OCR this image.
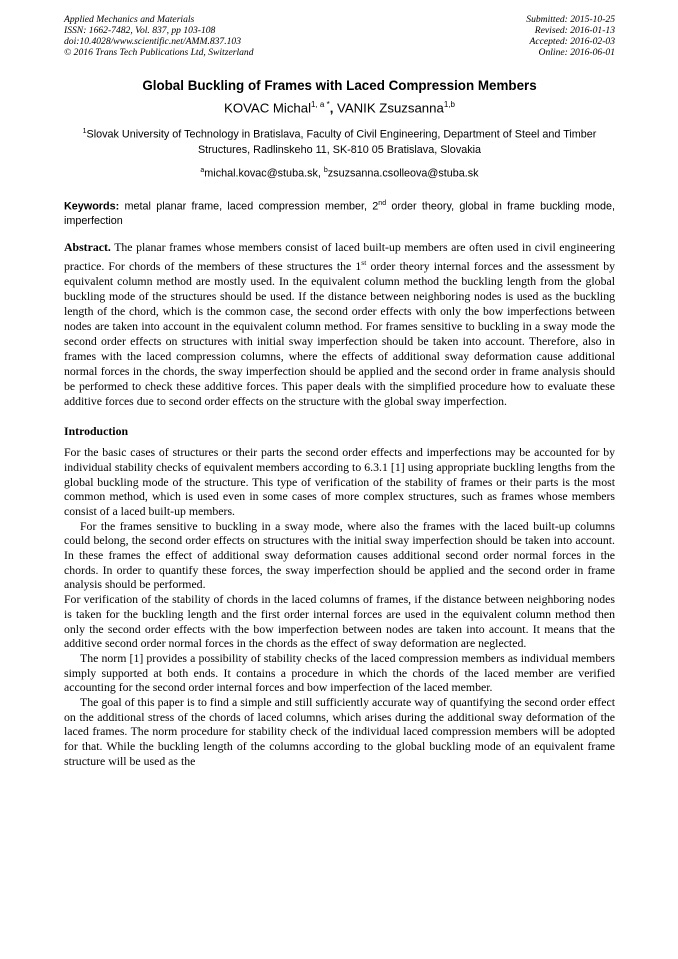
Applied Mechanics and Materials
ISSN: 1662-7482, Vol. 837, pp 103-108
doi:10.4028/www.scientific.net/AMM.837.103
© 2016 Trans Tech Publications Ltd, Switzerland
Submitted: 2015-10-25
Revised: 2016-01-13
Accepted: 2016-02-03
Online: 2016-06-01
Global Buckling of Frames with Laced Compression Members
KOVAC Michal$^{1, a *}$, VANIK Zsuzsanna$^{1,b}$
$^1$Slovak University of Technology in Bratislava, Faculty of Civil Engineering, Department of Steel and Timber Structures, Radlinskeho 11, SK-810 05 Bratislava, Slovakia
$^a$michal.kovac@stuba.sk, $^b$zsuzsanna.csolleova@stuba.sk
Keywords: metal planar frame, laced compression member, 2nd order theory, global in frame buckling mode, imperfection
Abstract. The planar frames whose members consist of laced built-up members are often used in civil engineering practice. For chords of the members of these structures the 1st order theory internal forces and the assessment by equivalent column method are mostly used. In the equivalent column method the buckling length from the global buckling mode of the structures should be used. If the distance between neighboring nodes is used as the buckling length of the chord, which is the common case, the second order effects with only the bow imperfections between nodes are taken into account in the equivalent column method. For frames sensitive to buckling in a sway mode the second order effects on structures with initial sway imperfection should be taken into account. Therefore, also in frames with the laced compression columns, where the effects of additional sway deformation cause additional normal forces in the chords, the sway imperfection should be applied and the second order in frame analysis should be performed to check these additive forces. This paper deals with the simplified procedure how to evaluate these additive forces due to second order effects on the structure with the global sway imperfection.
Introduction

For the basic cases of structures or their parts the second order effects and imperfections may be accounted for by individual stability checks of equivalent members according to 6.3.1 [1] using appropriate buckling lengths from the global buckling mode of the structure. This type of verification of the stability of frames or their parts is the most common method, which is used even in some cases of more complex structures, such as frames whose members consist of a laced built-up members.

For the frames sensitive to buckling in a sway mode, where also the frames with the laced built-up columns could belong, the second order effects on structures with the initial sway imperfection should be taken into account. In these frames the effect of additional sway deformation causes additional second order normal forces in the chords. In order to quantify these forces, the sway imperfection should be applied and the second order in frame analysis should be performed.

For verification of the stability of chords in the laced columns of frames, if the distance between neighboring nodes is taken for the buckling length and the first order internal forces are used in the equivalent column method then only the second order effects with the bow imperfection between nodes are taken into account. It means that the additive second order normal forces in the chords as the effect of sway deformation are neglected.

The norm [1] provides a possibility of stability checks of the laced compression members as individual members simply supported at both ends. It contains a procedure in which the chords of the laced member are verified accounting for the second order internal forces and bow imperfection of the laced member.

The goal of this paper is to find a simple and still sufficiently accurate way of quantifying the second order effect on the additional stress of the chords of laced columns, which arises during the additional sway deformation of the laced frames. The norm procedure for stability check of the individual laced compression members will be adopted for that. While the buckling length of the columns according to the global buckling mode of an equivalent frame structure will be used as the
